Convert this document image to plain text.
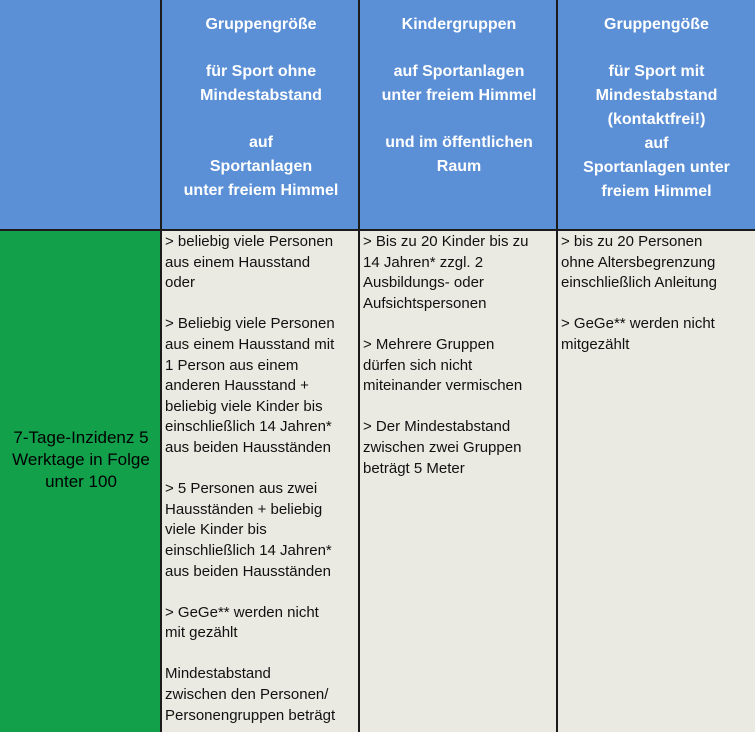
Gruppengröße
für Sport ohne
Mindestabstand
auf
Sportanlagen
unter freiem Himmel
Kindergruppen
auf Sportanlagen
unter freiem Himmel
und im öffentlichen
Raum
Gruppengöße
für Sport mit
Mindestabstand
(kontaktfrei!)
auf
Sportanlagen unter
freiem Himmel
7-Tage-Inzidenz 5
Werktage in Folge
unter 100
> beliebig viele Personen
aus einem Hausstand
oder
> Beliebig viele Personen
aus einem Hausstand mit
1 Person aus einem
anderen Hausstand +
beliebig viele Kinder bis
einschließlich 14 Jahren*
aus beiden Hausständen
> 5 Personen aus zwei
Hausständen + beliebig
viele Kinder bis
einschließlich 14 Jahren*
aus beiden Hausständen
> GeGe** werden nicht
mit gezählt
Mindestabstand
zwischen den Personen/
Personengruppen beträgt
> Bis zu 20 Kinder bis zu
14 Jahren* zzgl. 2
Ausbildungs- oder
Aufsichtspersonen
> Mehrere Gruppen
dürfen sich nicht
miteinander vermischen
> Der Mindestabstand
zwischen zwei Gruppen
beträgt 5 Meter
> bis zu 20 Personen
ohne Altersbegrenzung
einschließlich Anleitung
> GeGe** werden nicht
mitgezählt
